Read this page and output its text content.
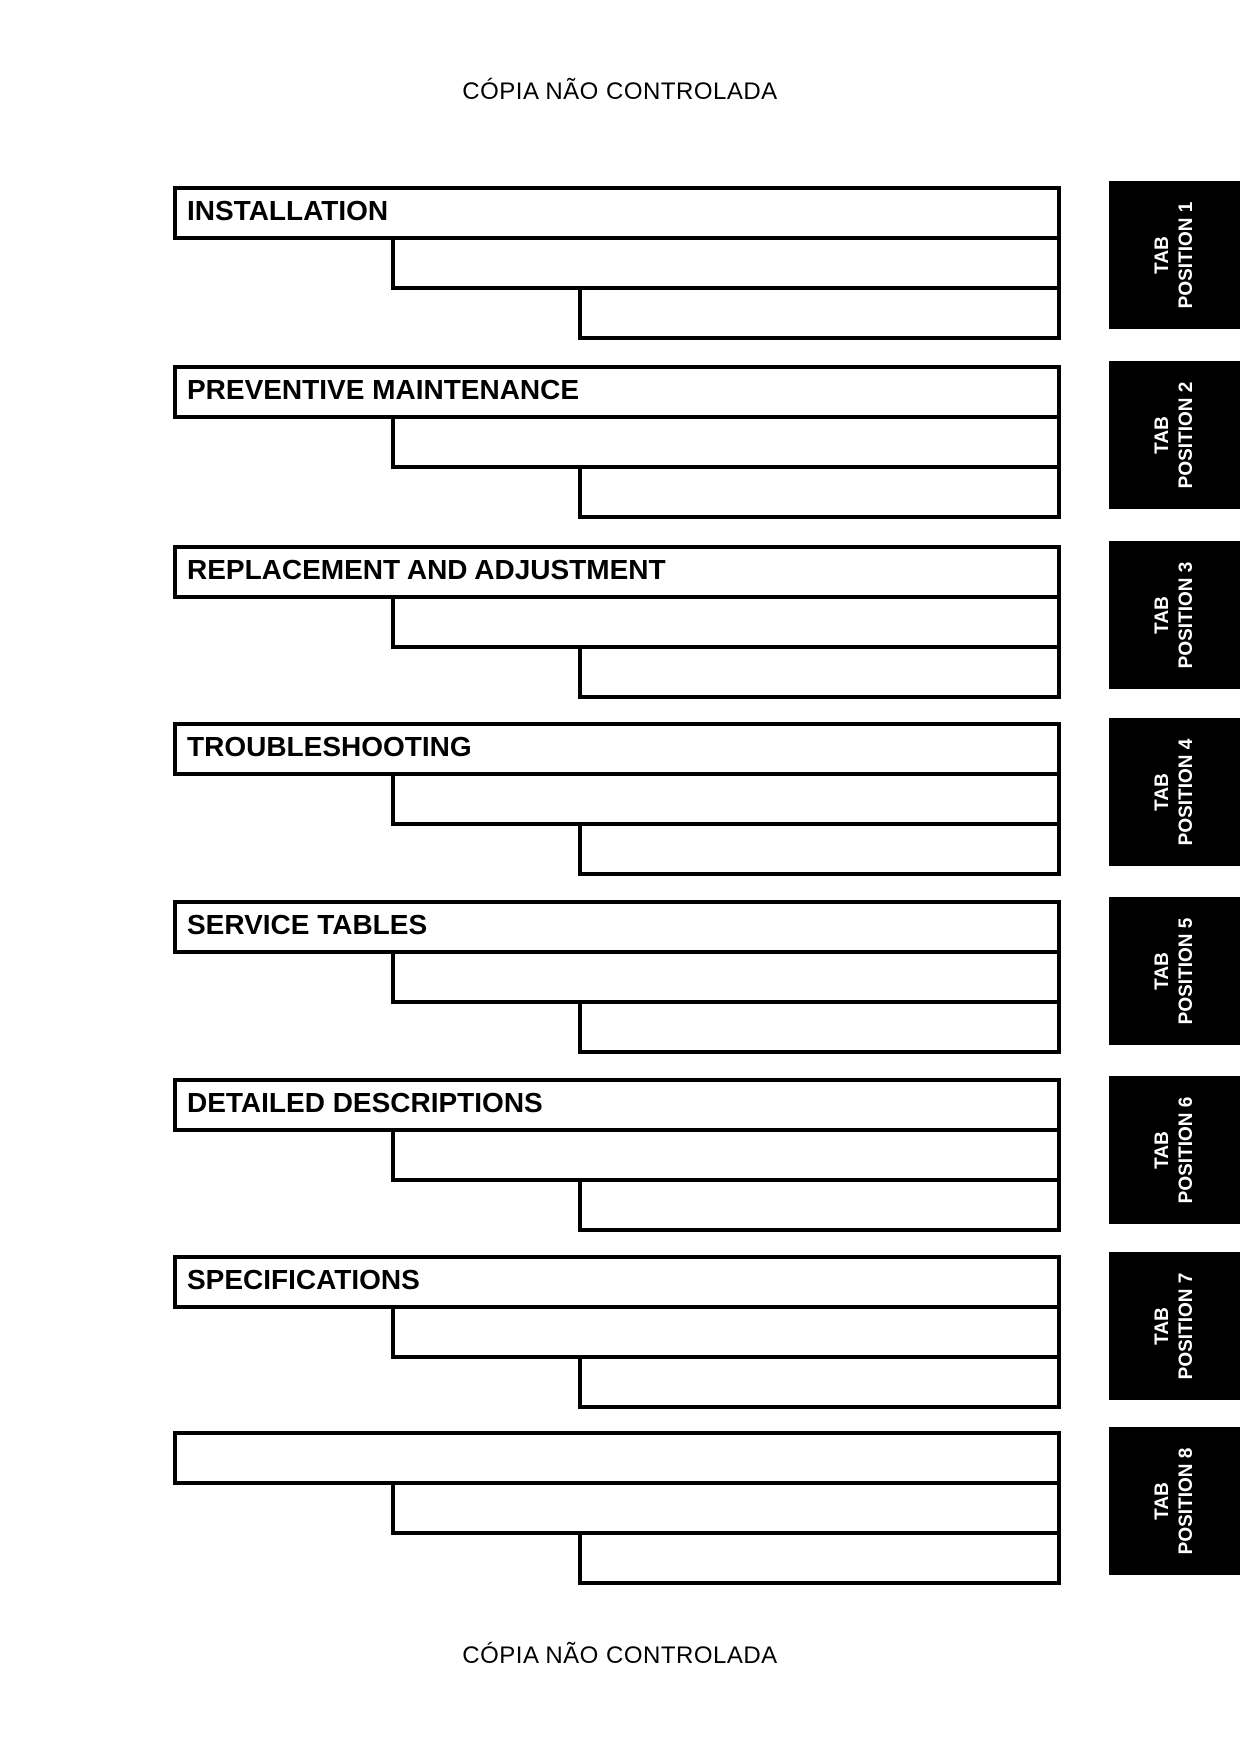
CÓPIA NÃO CONTROLADA
INSTALLATION
PREVENTIVE MAINTENANCE
REPLACEMENT AND ADJUSTMENT
TROUBLESHOOTING
SERVICE TABLES
DETAILED DESCRIPTIONS
SPECIFICATIONS
TAB POSITION 1
TAB POSITION 2
TAB POSITION 3
TAB POSITION 4
TAB POSITION 5
TAB POSITION 6
TAB POSITION 7
TAB POSITION 8
CÓPIA NÃO CONTROLADA
